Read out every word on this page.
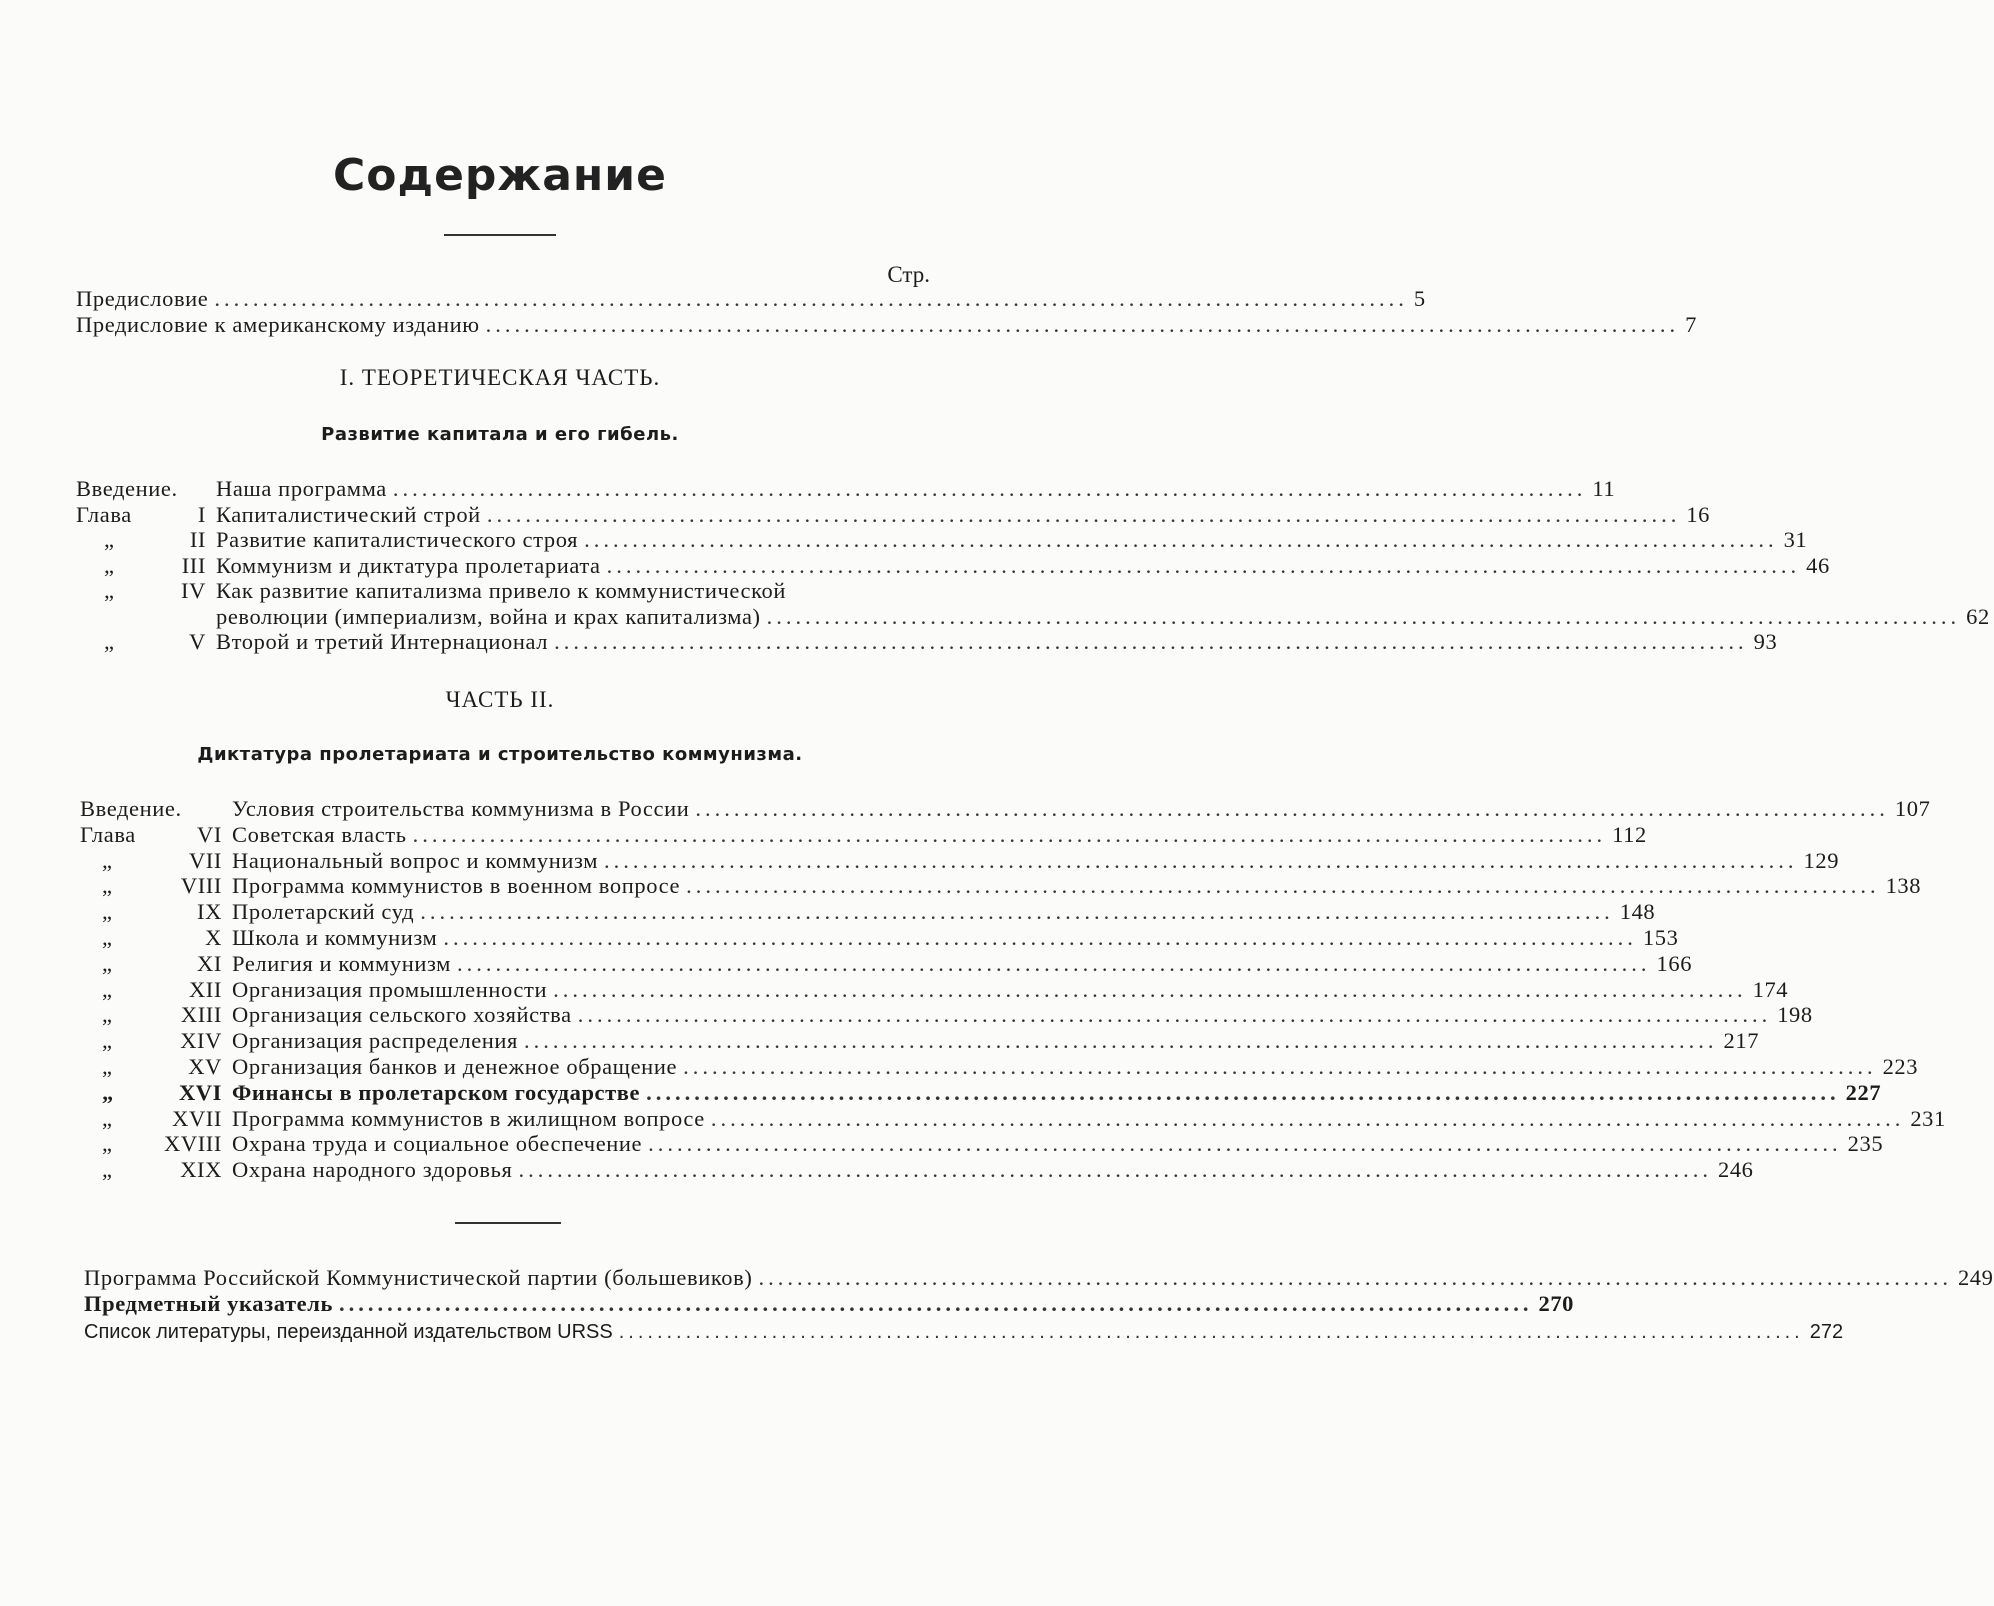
Содержание
Стр.
Предисловие ............................................................................................................................ 5
Предисловие к американскому изданию ............................................................................................................................ 7
I. ТЕОРЕТИЧЕСКАЯ ЧАСТЬ.
Развитие капитала и его гибель.
Введение. Наша программа ............................................................................................................................ 11
Глава	I Капиталистический строй ............................................................................................................................ 16
„	II Развитие капиталистического строя ............................................................................................................................ 31
„	III Коммунизм и диктатура пролетариата ............................................................................................................................ 46
„	IV Как развитие капитализма привело к коммунистической
революции (империализм, война и крах капитализма) ............................................................................................................................ 62
„	V Второй и третий Интернационал ............................................................................................................................ 93
ЧАСТЬ II.
Диктатура пролетариата и строительство коммунизма.
Введение. Условия строительства коммунизма в России ............................................................................................................................ 107
Глава	VI Советская власть ............................................................................................................................ 112
„	VII Национальный вопрос и коммунизм ............................................................................................................................ 129
„	VIII Программа коммунистов в военном вопросе ............................................................................................................................ 138
„	IX Пролетарский суд ............................................................................................................................ 148
„	X Школа и коммунизм ............................................................................................................................ 153
„	XI Религия и коммунизм ............................................................................................................................ 166
„	XII Организация промышленности ............................................................................................................................ 174
„	XIII Организация сельского хозяйства ............................................................................................................................ 198
„	XIV Организация распределения ............................................................................................................................ 217
„	XV Организация банков и денежное обращение ............................................................................................................................ 223
„	XVI Финансы в пролетарском государстве ............................................................................................................................ 227
„	XVII Программа коммунистов в жилищном вопросе ............................................................................................................................ 231
„	XVIII Охрана труда и социальное обеспечение ............................................................................................................................ 235
„	XIX Охрана народного здоровья ............................................................................................................................ 246
Программа Российской Коммунистической партии (большевиков) ............................................................................................................................ 249
Предметный указатель ............................................................................................................................ 270
Список литературы, переизданной издательством URSS ............................................................................................................................ 272
